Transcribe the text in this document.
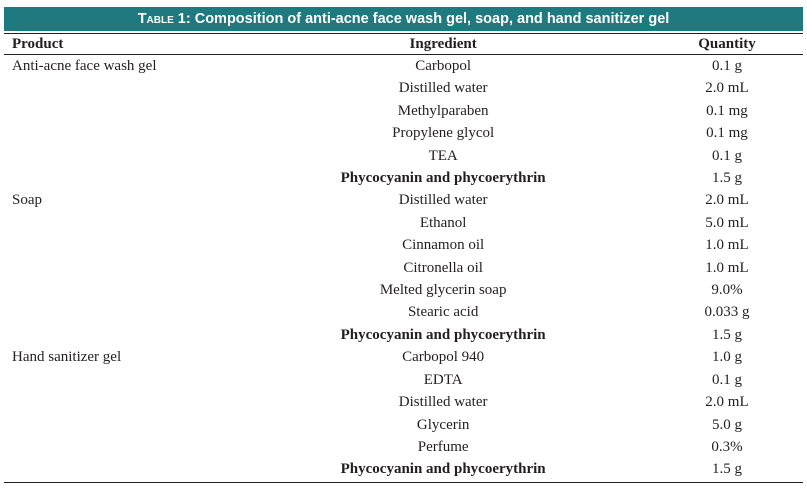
Table 1: Composition of anti-acne face wash gel, soap, and hand sanitizer gel
Product	Ingredient	Quantity
Anti-acne face wash gel	Carbopol	0.1 g
	Distilled water	2.0 mL
	Methylparaben	0.1 mg
	Propylene glycol	0.1 mg
	TEA	0.1 g
	Phycocyanin and phycoerythrin	1.5 g
Soap	Distilled water	2.0 mL
	Ethanol	5.0 mL
	Cinnamon oil	1.0 mL
	Citronella oil	1.0 mL
	Melted glycerin soap	9.0%
	Stearic acid	0.033 g
	Phycocyanin and phycoerythrin	1.5 g
Hand sanitizer gel	Carbopol 940	1.0 g
	EDTA	0.1 g
	Distilled water	2.0 mL
	Glycerin	5.0 g
	Perfume	0.3%
	Phycocyanin and phycoerythrin	1.5 g
